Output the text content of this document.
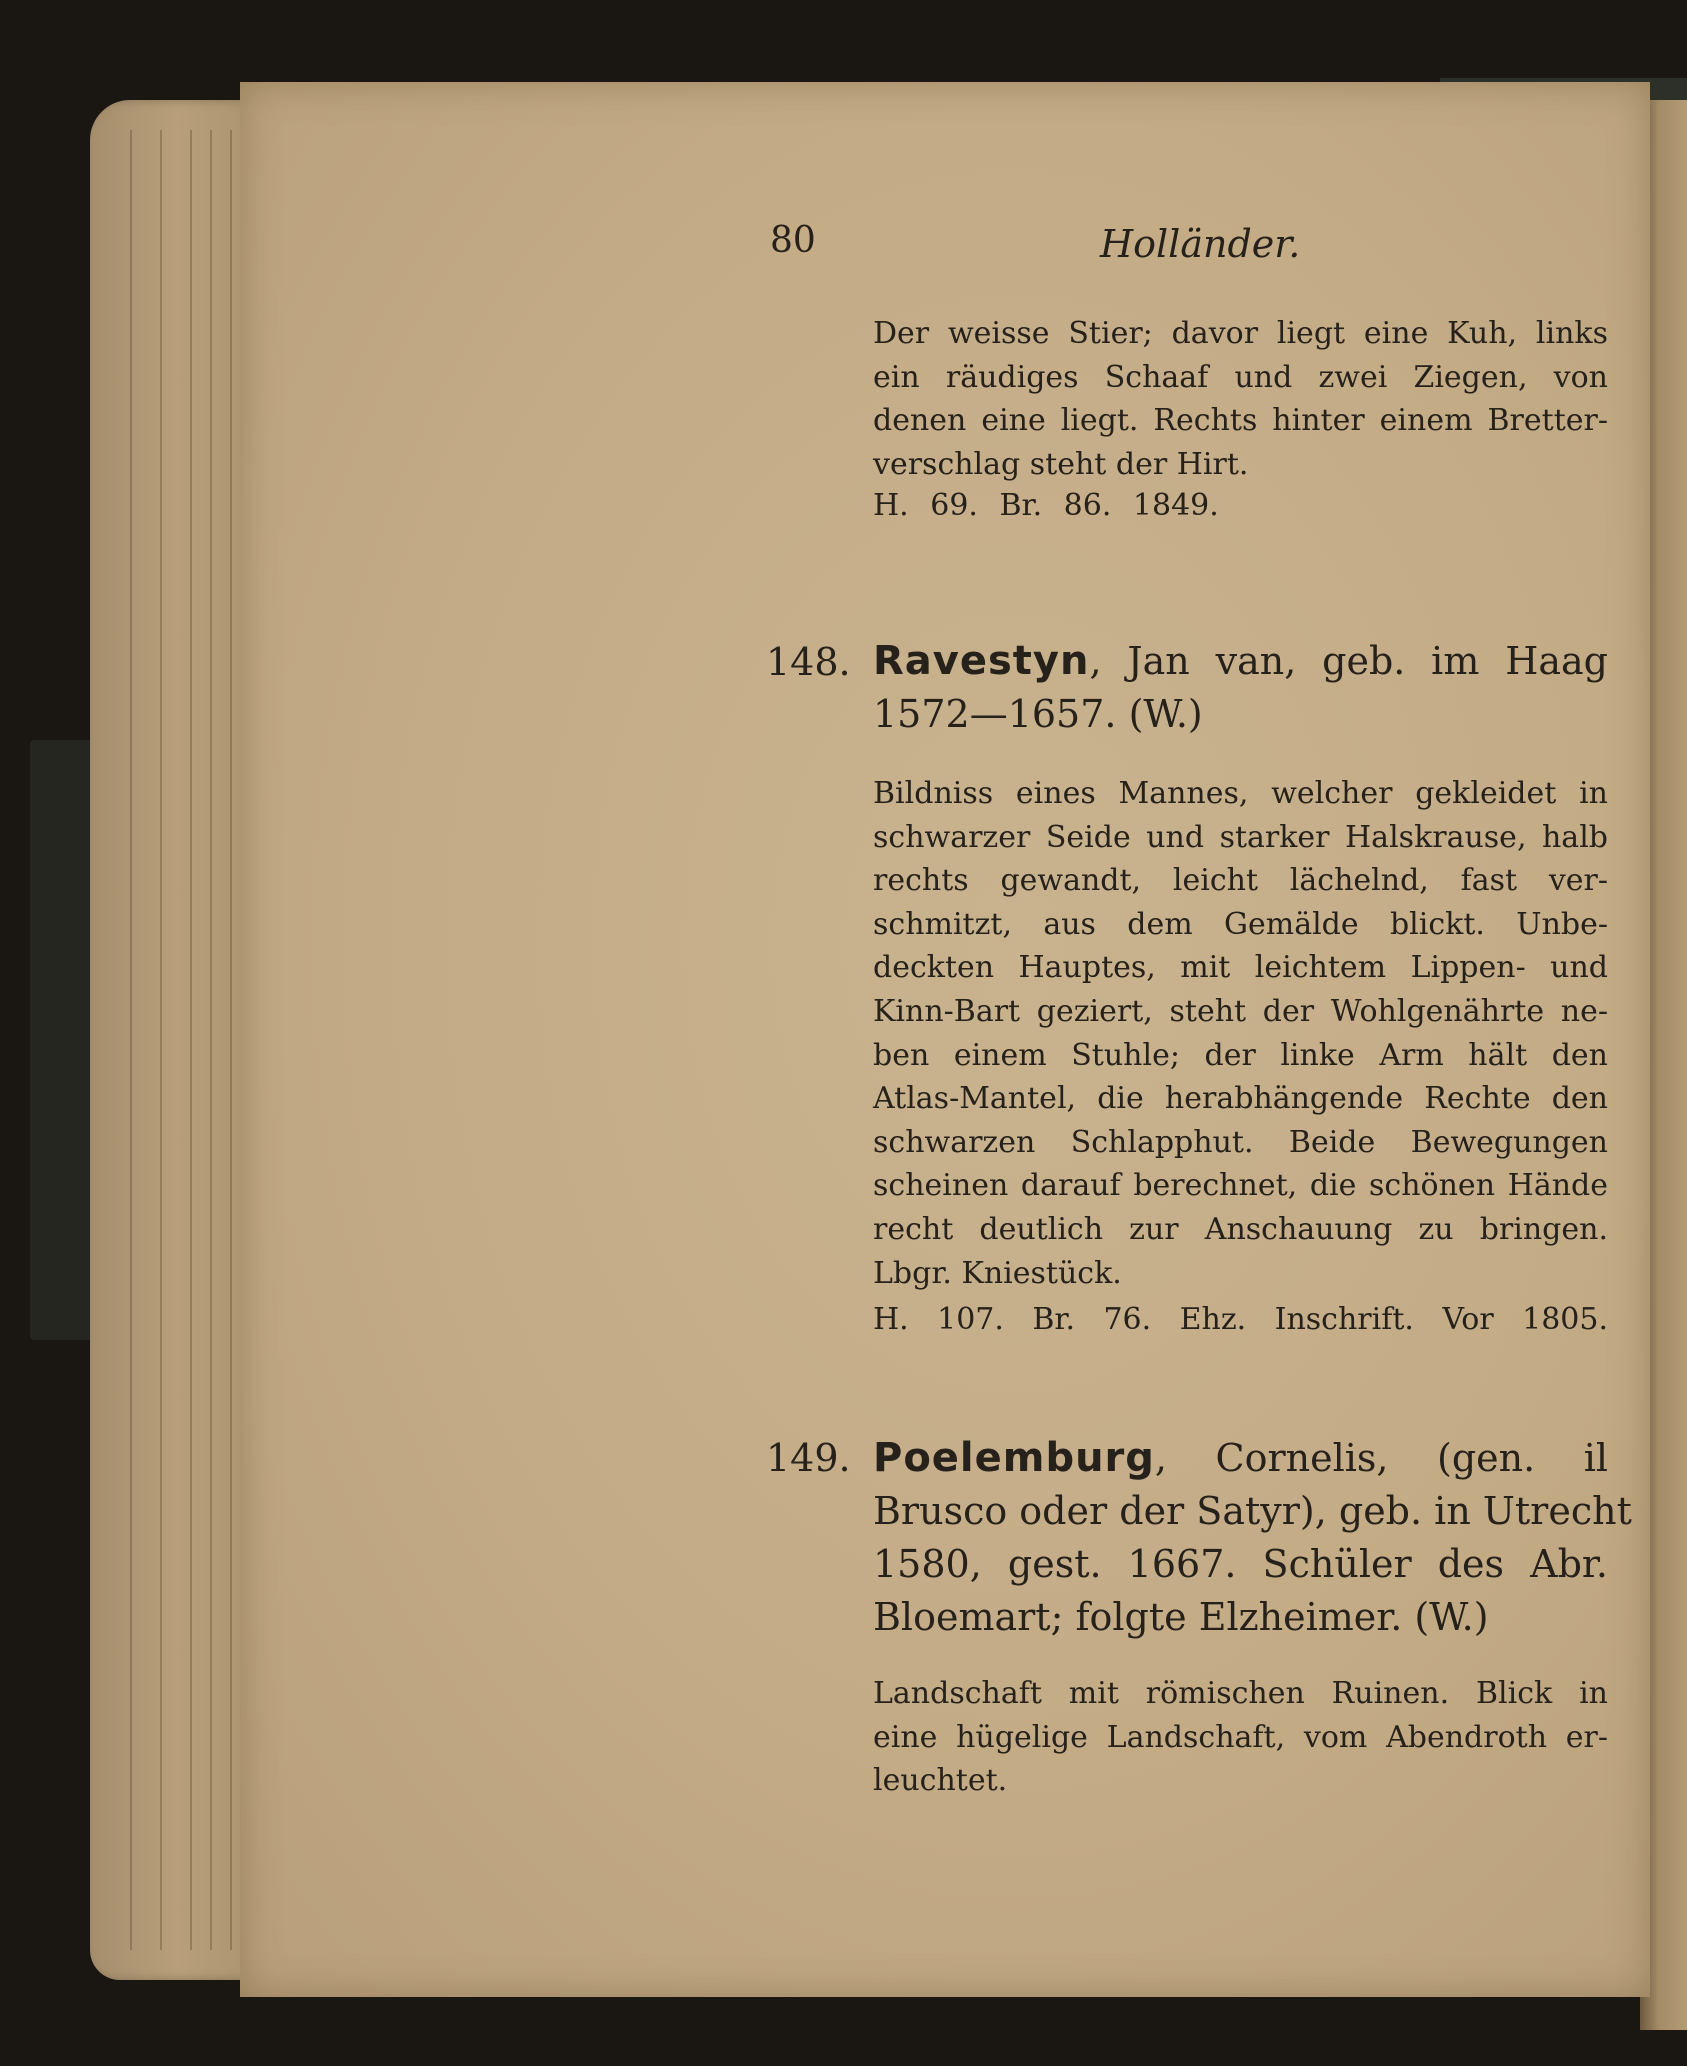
80	Holländer.
Der weisse Stier; davor liegt eine Kuh, links
ein räudiges Schaaf und zwei Ziegen, von
denen eine liegt. Rechts hinter einem Bretter-
verschlag steht der Hirt.
H. 69. Br. 86. 1849.
148. Ravestyn, Jan van, geb. im Haag
1572—1657. (W.)
Bildniss eines Mannes, welcher gekleidet in
schwarzer Seide und starker Halskrause, halb
rechts gewandt, leicht lächelnd, fast ver-
schmitzt, aus dem Gemälde blickt. Unbe-
deckten Hauptes, mit leichtem Lippen- und
Kinn-Bart geziert, steht der Wohlgenährte ne-
ben einem Stuhle; der linke Arm hält den
Atlas-Mantel, die herabhängende Rechte den
schwarzen Schlapphut. Beide Bewegungen
scheinen darauf berechnet, die schönen Hände
recht deutlich zur Anschauung zu bringen.
Lbgr. Kniestück.
H. 107. Br. 76. Ehz. Inschrift. Vor 1805.
149. Poelemburg, Cornelis, (gen. il
Brusco oder der Satyr), geb. in Utrecht
1580, gest. 1667. Schüler des Abr.
Bloemart; folgte Elzheimer. (W.)
Landschaft mit römischen Ruinen. Blick in
eine hügelige Landschaft, vom Abendroth er-
leuchtet.
